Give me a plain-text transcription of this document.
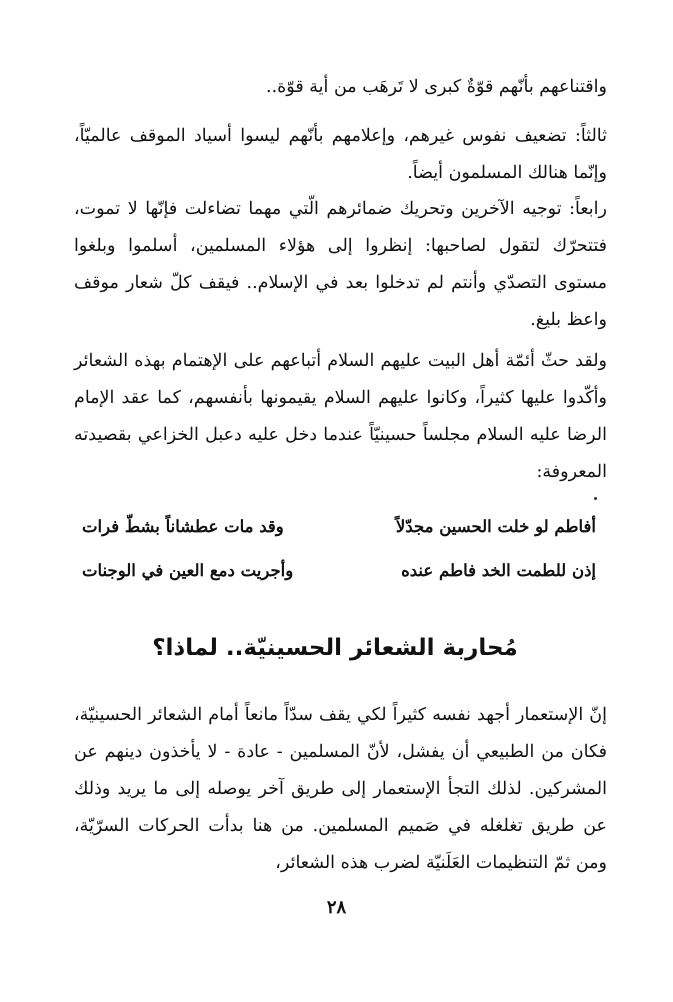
واقتناعهم بأنّهم قوّةٌ كبرى لا تَرهَب من أية قوّة..

ثالثاً: تضعيف نفوس غيرهم، وإعلامهم بأنّهم ليسوا أسياد الموقف عالميّاً، وإنّما هنالك المسلمون أيضاً.

رابعاً: توجيه الآخرين وتحريك ضمائرهم الّتي مهما تضاءلت فإنّها لا تموت، فتتحرّك لتقول لصاحبها: إنظروا إلى هؤلاء المسلمين، أسلموا وبلغوا مستوى التصدّي وأنتم لم تدخلوا بعد في الإسلام.. فيقف كلّ شعار موقف واعظ بليغ.

ولقد حثّ أئمّة أهل البيت عليهم السلام أتباعهم على الإهتمام بهذه الشعائر وأكّدوا عليها كثيراً، وكانوا عليهم السلام يقيمونها بأنفسهم، كما عقد الإمام الرضا عليه السلام مجلساً حسينيّاً عندما دخل عليه دعبل الخزاعي بقصيدته المعروفة:

أفاطم لو خلت الحسين مجدّلاً
وقد مات عطشاناً بشطّ فرات
إذن للطمت الخد فاطم عنده
وأجريت دمع العين في الوجنات
مُحاربة الشعائر الحسينيّة.. لماذا؟

إنّ الإستعمار أجهد نفسه كثيراً لكي يقف سدّاً مانعاً أمام الشعائر الحسينيّة، فكان من الطبيعي أن يفشل، لأنّ المسلمين - عادة - لا يأخذون دينهم عن المشركين. لذلك التجأ الإستعمار إلى طريق آخر يوصله إلى ما يريد وذلك عن طريق تغلغله في صَميم المسلمين. من هنا بدأت الحركات السرّيّة، ومن ثمّ التنظيمات العَلَنيّة لضرب هذه الشعائر،

٢٨
